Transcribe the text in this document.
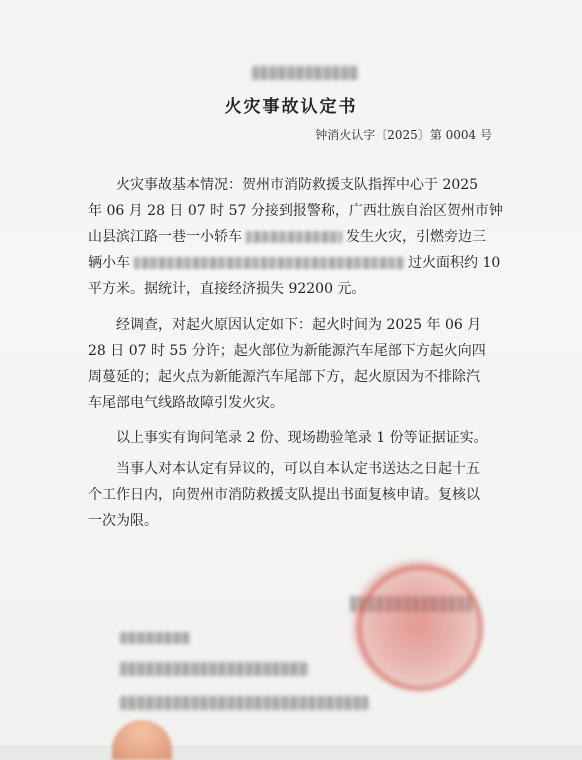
火灾事故认定书
钟消火认字〔2025〕第 0004 号
火灾事故基本情况：贺州市消防救援支队指挥中心于 2025
年 06 月 28 日 07 时 57 分接到报警称，广西壮族自治区贺州市钟
山县滨江路一巷一小轿车	发生火灾，引燃旁边三
辆小车	过火面积约 10
平方米。据统计，直接经济损失 92200 元。
经调查，对起火原因认定如下：起火时间为 2025 年 06 月
28 日 07 时 55 分许；起火部位为新能源汽车尾部下方起火向四
周蔓延的；起火点为新能源汽车尾部下方，起火原因为不排除汽
车尾部电气线路故障引发火灾。
以上事实有询问笔录 2 份、现场勘验笔录 1 份等证据证实。
当事人对本认定有异议的，可以自本认定书送达之日起十五
个工作日内，向贺州市消防救援支队提出书面复核申请。复核以
一次为限。
